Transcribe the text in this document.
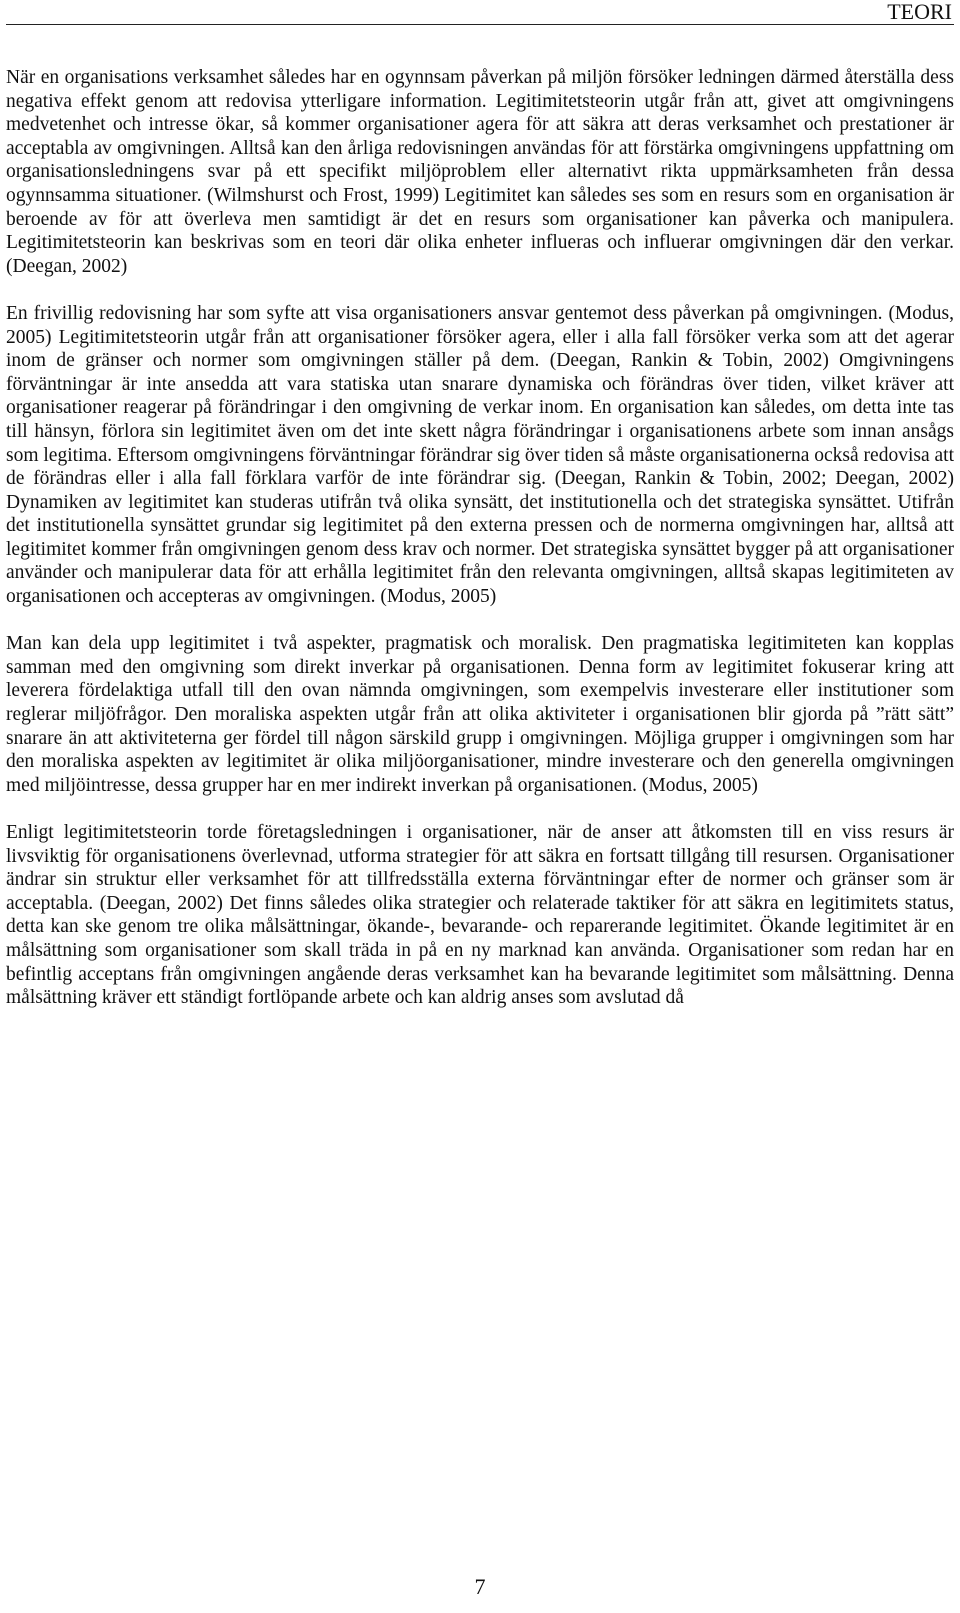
TEORI

När en organisations verksamhet således har en ogynnsam påverkan på miljön försöker ledningen därmed återställa dess negativa effekt genom att redovisa ytterligare information. Legitimitetsteorin utgår från att, givet att omgivningens medvetenhet och intresse ökar, så kommer organisationer agera för att säkra att deras verksamhet och prestationer är acceptabla av omgivningen. Alltså kan den årliga redovisningen användas för att förstärka omgivningens uppfattning om organisationsledningens svar på ett specifikt miljöproblem eller alternativt rikta uppmärksamheten från dessa ogynnsamma situationer. (Wilmshurst och Frost, 1999) Legitimitet kan således ses som en resurs som en organisation är beroende av för att överleva men samtidigt är det en resurs som organisationer kan påverka och manipulera. Legitimitetsteorin kan beskrivas som en teori där olika enheter influeras och influerar omgivningen där den verkar. (Deegan, 2002)

En frivillig redovisning har som syfte att visa organisationers ansvar gentemot dess påverkan på omgivningen. (Modus, 2005) Legitimitetsteorin utgår från att organisationer försöker agera, eller i alla fall försöker verka som att det agerar inom de gränser och normer som omgivningen ställer på dem. (Deegan, Rankin & Tobin, 2002) Omgivningens förväntningar är inte ansedda att vara statiska utan snarare dynamiska och förändras över tiden, vilket kräver att organisationer reagerar på förändringar i den omgivning de verkar inom. En organisation kan således, om detta inte tas till hänsyn, förlora sin legitimitet även om det inte skett några förändringar i organisationens arbete som innan ansågs som legitima. Eftersom omgivningens förväntningar förändrar sig över tiden så måste organisationerna också redovisa att de förändras eller i alla fall förklara varför de inte förändrar sig. (Deegan, Rankin & Tobin, 2002; Deegan, 2002) Dynamiken av legitimitet kan studeras utifrån två olika synsätt, det institutionella och det strategiska synsättet. Utifrån det institutionella synsättet grundar sig legitimitet på den externa pressen och de normerna omgivningen har, alltså att legitimitet kommer från omgivningen genom dess krav och normer. Det strategiska synsättet bygger på att organisationer använder och manipulerar data för att erhålla legitimitet från den relevanta omgivningen, alltså skapas legitimiteten av organisationen och accepteras av omgivningen. (Modus, 2005)

Man kan dela upp legitimitet i två aspekter, pragmatisk och moralisk. Den pragmatiska legitimiteten kan kopplas samman med den omgivning som direkt inverkar på organisationen. Denna form av legitimitet fokuserar kring att leverera fördelaktiga utfall till den ovan nämnda omgivningen, som exempelvis investerare eller institutioner som reglerar miljöfrågor. Den moraliska aspekten utgår från att olika aktiviteter i organisationen blir gjorda på ”rätt sätt” snarare än att aktiviteterna ger fördel till någon särskild grupp i omgivningen. Möjliga grupper i omgivningen som har den moraliska aspekten av legitimitet är olika miljöorganisationer, mindre investerare och den generella omgivningen med miljöintresse, dessa grupper har en mer indirekt inverkan på organisationen. (Modus, 2005)

Enligt legitimitetsteorin torde företagsledningen i organisationer, när de anser att åtkomsten till en viss resurs är livsviktig för organisationens överlevnad, utforma strategier för att säkra en fortsatt tillgång till resursen. Organisationer ändrar sin struktur eller verksamhet för att tillfredsställa externa förväntningar efter de normer och gränser som är acceptabla. (Deegan, 2002) Det finns således olika strategier och relaterade taktiker för att säkra en legitimitets status, detta kan ske genom tre olika målsättningar, ökande-, bevarande- och reparerande legitimitet. Ökande legitimitet är en målsättning som organisationer som skall träda in på en ny marknad kan använda. Organisationer som redan har en befintlig acceptans från omgivningen angående deras verksamhet kan ha bevarande legitimitet som målsättning. Denna målsättning kräver ett ständigt fortlöpande arbete och kan aldrig anses som avslutad då

7
